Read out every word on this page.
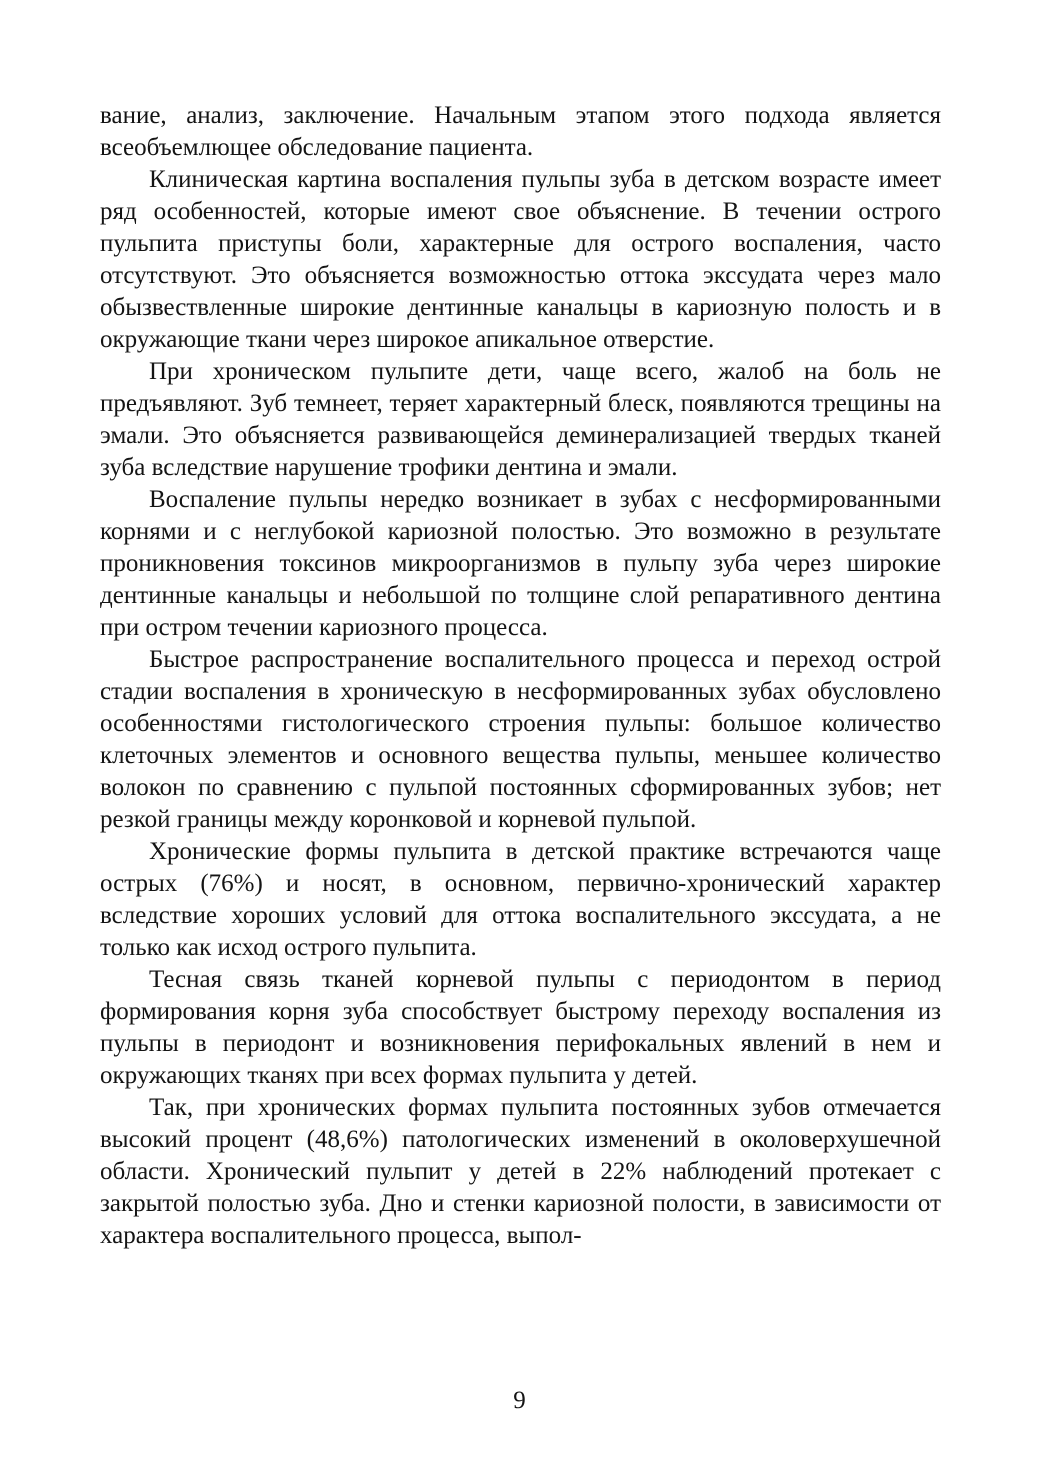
вание, анализ, заключение. Начальным этапом этого подхода является всеобъемлющее обследование пациента.

Клиническая картина воспаления пульпы зуба в детском возрасте имеет ряд особенностей, которые имеют свое объяснение. В течении острого пульпита приступы боли, характерные для острого воспаления, часто отсутствуют. Это объясняется возможностью оттока экссудата через мало обызвествленные широкие дентинные канальцы в кариозную полость и в окружающие ткани через широкое апикальное отверстие.

При хроническом пульпите дети, чаще всего, жалоб на боль не предъявляют. Зуб темнеет, теряет характерный блеск, появляются трещины на эмали. Это объясняется развивающейся деминерализацией твердых тканей зуба вследствие нарушение трофики дентина и эмали.

Воспаление пульпы нередко возникает в зубах с несформированными корнями и с неглубокой кариозной полостью. Это возможно в результате проникновения токсинов микроорганизмов в пульпу зуба через широкие дентинные канальцы и небольшой по толщине слой репаративного дентина при остром течении кариозного процесса.

Быстрое распространение воспалительного процесса и переход острой стадии воспаления в хроническую в несформированных зубах обусловлено особенностями гистологического строения пульпы: большое количество клеточных элементов и основного вещества пульпы, меньшее количество волокон по сравнению с пульпой постоянных сформированных зубов; нет резкой границы между коронковой и корневой пульпой.

Хронические формы пульпита в детской практике встречаются чаще острых (76%) и носят, в основном, первично-хронический характер вследствие хороших условий для оттока воспалительного экссудата, а не только как исход острого пульпита.

Тесная связь тканей корневой пульпы с периодонтом в период формирования корня зуба способствует быстрому переходу воспаления из пульпы в периодонт и возникновения перифокальных явлений в нем и окружающих тканях при всех формах пульпита у детей.

Так, при хронических формах пульпита постоянных зубов отмечается высокий процент (48,6%) патологических изменений в околоверхушечной области. Хронический пульпит у детей в 22% наблюдений протекает с закрытой полостью зуба. Дно и стенки кариозной полости, в зависимости от характера воспалительного процесса, выпол-

9
